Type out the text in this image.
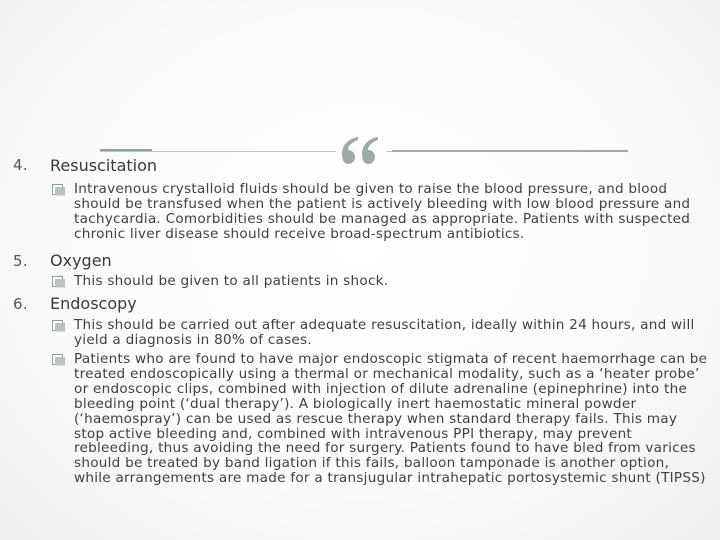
4. Resuscitation
Intravenous crystalloid fluids should be given to raise the blood pressure, and blood should be transfused when the patient is actively bleeding with low blood pressure and tachycardia. Comorbidities should be managed as appropriate. Patients with suspected chronic liver disease should receive broad-spectrum antibiotics.
5. Oxygen
This should be given to all patients in shock.
6. Endoscopy
This should be carried out after adequate resuscitation, ideally within 24 hours, and will yield a diagnosis in 80% of cases.
Patients who are found to have major endoscopic stigmata of recent haemorrhage can be treated endoscopically using a thermal or mechanical modality, such as a ‘heater probe’ or endoscopic clips, combined with injection of dilute adrenaline (epinephrine) into the bleeding point (‘dual therapy’). A biologically inert haemostatic mineral powder (‘haemospray’) can be used as rescue therapy when standard therapy fails. This may stop active bleeding and, combined with intravenous PPI therapy, may prevent rebleeding, thus avoiding the need for surgery. Patients found to have bled from varices should be treated by band ligation if this fails, balloon tamponade is another option, while arrangements are made for a transjugular intrahepatic portosystemic shunt (TIPSS)
